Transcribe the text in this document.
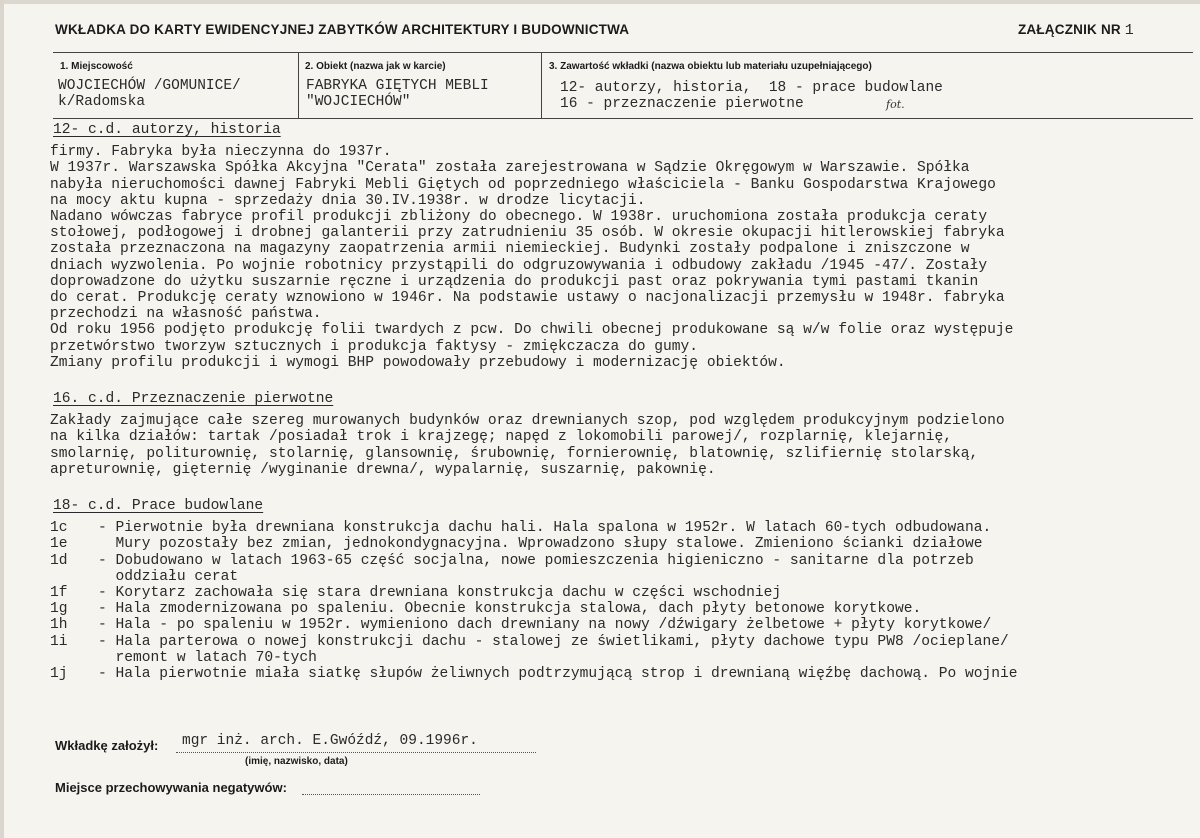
WKŁADKA DO KARTY EWIDENCYJNEJ ZABYTKÓW ARCHITEKTURY I BUDOWNICTWA	ZAŁĄCZNIK NR 1
1. Miejscowość
WOJCIECHÓW /GOMUNICE/
k/Radomska
2. Obiekt (nazwa jak w karcie)
FABRYKA GIĘTYCH MEBLI
"WOJCIECHÓW"
3. Zawartość wkładki (nazwa obiektu lub materiału uzupełniającego)
12- autorzy, historia,  18 - prace budowlane
16 - przeznaczenie pierwotne	fot.
12- c.d. autorzy, historia
firmy. Fabryka była nieczynna do 1937r.
W 1937r. Warszawska Spółka Akcyjna "Cerata" została zarejestrowana w Sądzie Okręgowym w Warszawie. Spółka
nabyła nieruchomości dawnej Fabryki Mebli Giętych od poprzedniego właściciela - Banku Gospodarstwa Krajowego
na mocy aktu kupna - sprzedaży dnia 30.IV.1938r. w drodze licytacji.
Nadano wówczas fabryce profil produkcji zbliżony do obecnego. W 1938r. uruchomiona została produkcja ceraty
stołowej, podłogowej i drobnej galanterii przy zatrudnieniu 35 osób. W okresie okupacji hitlerowskiej fabryka
została przeznaczona na magazyny zaopatrzenia armii niemieckiej. Budynki zostały podpalone i zniszczone w
dniach wyzwolenia. Po wojnie robotnicy przystąpili do odgruzowywania i odbudowy zakładu /1945 -47/. Zostały
doprowadzone do użytku suszarnie ręczne i urządzenia do produkcji past oraz pokrywania tymi pastami tkanin
do cerat. Produkcję ceraty wznowiono w 1946r. Na podstawie ustawy o nacjonalizacji przemysłu w 1948r. fabryka
przechodzi na własność państwa.
Od roku 1956 podjęto produkcję folii twardych z pcw. Do chwili obecnej produkowane są w/w folie oraz występuje
przetwórstwo tworzyw sztucznych i produkcja faktysy - zmiękczacza do gumy.
Zmiany profilu produkcji i wymogi BHP powodowały przebudowy i modernizację obiektów.
16. c.d. Przeznaczenie pierwotne
Zakłady zajmujące całe szereg murowanych budynków oraz drewnianych szop, pod względem produkcyjnym podzielono
na kilka działów: tartak /posiadał trok i krajzegę; napęd z lokomobili parowej/, rozplarnię, klejarnię,
smolarnię, politurownię, stolarnię, glansownię, śrubownię, fornierownię, blatownię, szlifiernię stolarską,
apreturownię, gięternię /wyginanie drewna/, wypalarnię, suszarnię, pakownię.
18- c.d. Prace budowlane
1c	- Pierwotnie była drewniana konstrukcja dachu hali. Hala spalona w 1952r. W latach 60-tych odbudowana.
1e	Mury pozostały bez zmian, jednokondygnacyjna. Wprowadzono słupy stalowe. Zmieniono ścianki działowe
1d	- Dobudowano w latach 1963-65 część socjalna, nowe pomieszczenia higieniczno - sanitarne dla potrzeb
oddziału cerat
1f	- Korytarz zachowała się stara drewniana konstrukcja dachu w części wschodniej
1g	- Hala zmodernizowana po spaleniu. Obecnie konstrukcja stalowa, dach płyty betonowe korytkowe.
1h	- Hala - po spaleniu w 1952r. wymieniono dach drewniany na nowy /dźwigary żelbetowe + płyty korytkowe/
1i	- Hala parterowa o nowej konstrukcji dachu - stalowej ze świetlikami, płyty dachowe typu PW8 /ocieplane/
remont w latach 70-tych
1j	- Hala pierwotnie miała siatkę słupów żeliwnych podtrzymującą strop i drewnianą więźbę dachową. Po wojnie
Wkładkę założył: mgr inż. arch. E.Gwóźdź, 09.1996r.
(imię, nazwisko, data)
Miejsce przechowywania negatywów:
